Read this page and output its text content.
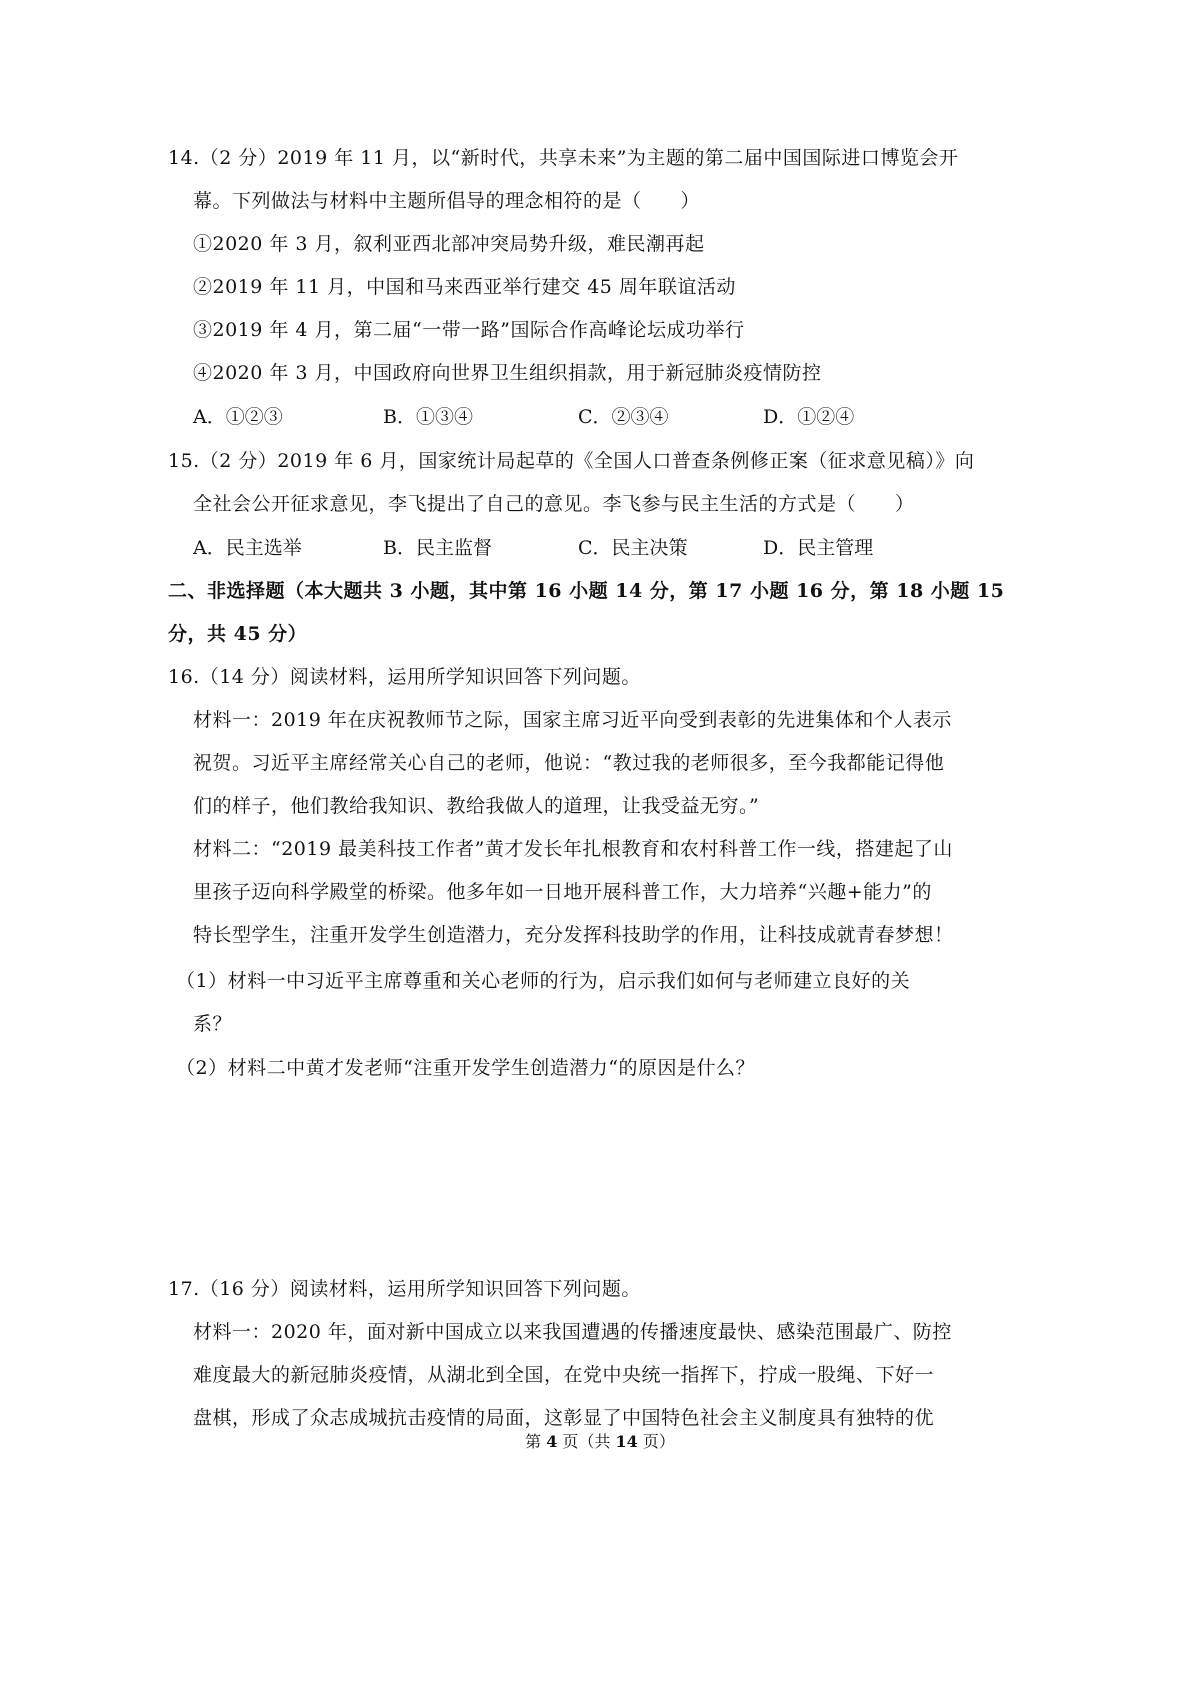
14.（2 分）2019 年 11 月，以“新时代，共享未来”为主题的第二届中国国际进口博览会开
幕。下列做法与材料中主题所倡导的理念相符的是（　　）
①2020 年 3 月，叙利亚西北部冲突局势升级，难民潮再起
②2019 年 11 月，中国和马来西亚举行建交 45 周年联谊活动
③2019 年 4 月，第二届“一带一路”国际合作高峰论坛成功举行
④2020 年 3 月，中国政府向世界卫生组织捐款，用于新冠肺炎疫情防控
A．①②③	B．①③④	C．②③④	D．①②④
15.（2 分）2019 年 6 月，国家统计局起草的《全国人口普查条例修正案（征求意见稿）》向
全社会公开征求意见，李飞提出了自己的意见。李飞参与民主生活的方式是（　　）
A．民主选举	B．民主监督	C．民主决策	D．民主管理
二、非选择题（本大题共 3 小题，其中第 16 小题 14 分，第 17 小题 16 分，第 18 小题 15
分，共 45 分）
16.（14 分）阅读材料，运用所学知识回答下列问题。
材料一：2019 年在庆祝教师节之际，国家主席习近平向受到表彰的先进集体和个人表示
祝贺。习近平主席经常关心自己的老师，他说：“教过我的老师很多，至今我都能记得他
们的样子，他们教给我知识、教给我做人的道理，让我受益无穷。”
材料二：“2019 最美科技工作者”黄才发长年扎根教育和农村科普工作一线，搭建起了山
里孩子迈向科学殿堂的桥梁。他多年如一日地开展科普工作，大力培养“兴趣+能力”的
特长型学生，注重开发学生创造潜力，充分发挥科技助学的作用，让科技成就青春梦想！
（1）材料一中习近平主席尊重和关心老师的行为，启示我们如何与老师建立良好的关
系？
（2）材料二中黄才发老师“注重开发学生创造潜力“的原因是什么？
17.（16 分）阅读材料，运用所学知识回答下列问题。
材料一：2020 年，面对新中国成立以来我国遭遇的传播速度最快、感染范围最广、防控
难度最大的新冠肺炎疫情，从湖北到全国，在党中央统一指挥下，拧成一股绳、下好一
盘棋，形成了众志成城抗击疫情的局面，这彰显了中国特色社会主义制度具有独特的优
第 4 页（共 14 页）
